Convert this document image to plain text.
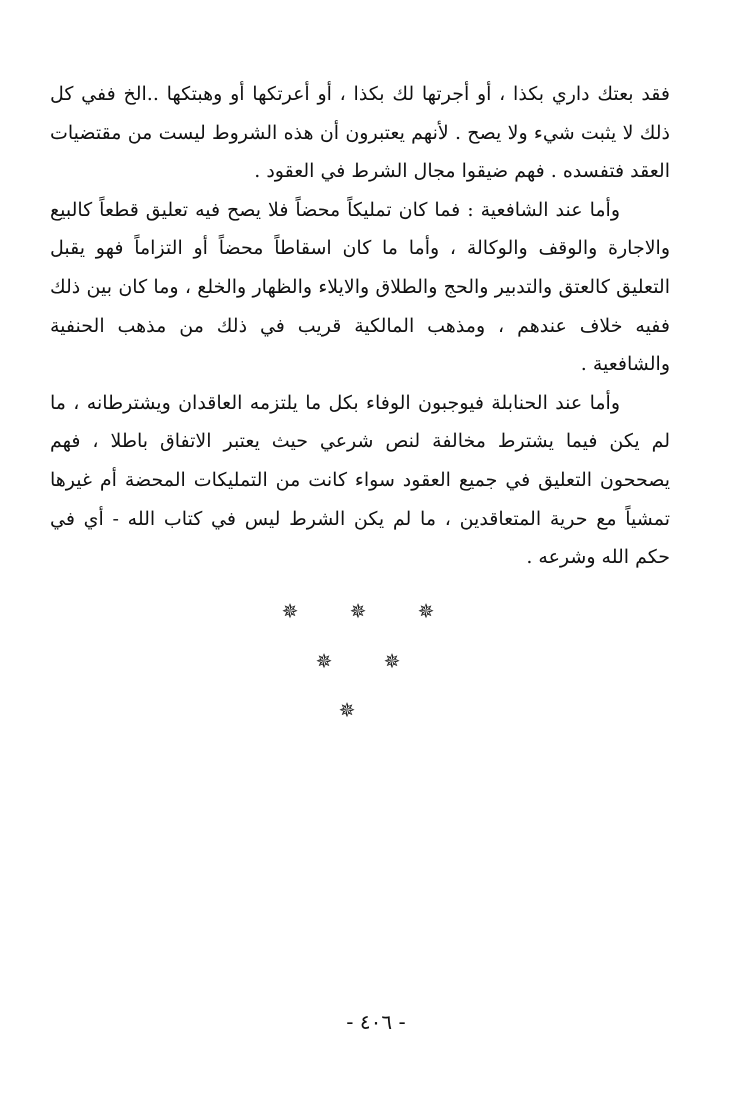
فقد بعتك داري بكذا ، أو أجرتها لك بكذا ، أو أعرتكها أو وهبتكها ..الخ ففي كل ذلك لا يثبت شيء ولا يصح . لأنهم يعتبرون أن هذه الشروط ليست من مقتضيات العقد فتفسده . فهم ضيقوا مجال الشرط في العقود .

وأما عند الشافعية : فما كان تمليكاً محضاً فلا يصح فيه تعليق قطعاً كالبيع والاجارة والوقف والوكالة ، وأما ما كان اسقاطاً محضاً أو التزاماً فهو يقبل التعليق كالعتق والتدبير والحج والطلاق والايلاء والظهار والخلع ، وما كان بين ذلك ففيه خلاف عندهم ، ومذهب المالكية قريب في ذلك من مذهب الحنفية والشافعية .

وأما عند الحنابلة فيوجبون الوفاء بكل ما يلتزمه العاقدان ويشترطانه ، ما لم يكن فيما يشترط مخالفة لنص شرعي حيث يعتبر الاتفاق باطلا ، فهم يصححون التعليق في جميع العقود سواء كانت من التمليكات المحضة أم غيرها تمشياً مع حرية المتعاقدين ، ما لم يكن الشرط ليس في كتاب الله - أي في حكم الله وشرعه .

✵	✵	✵
✵	✵
✵
- ٤٠٦ -
